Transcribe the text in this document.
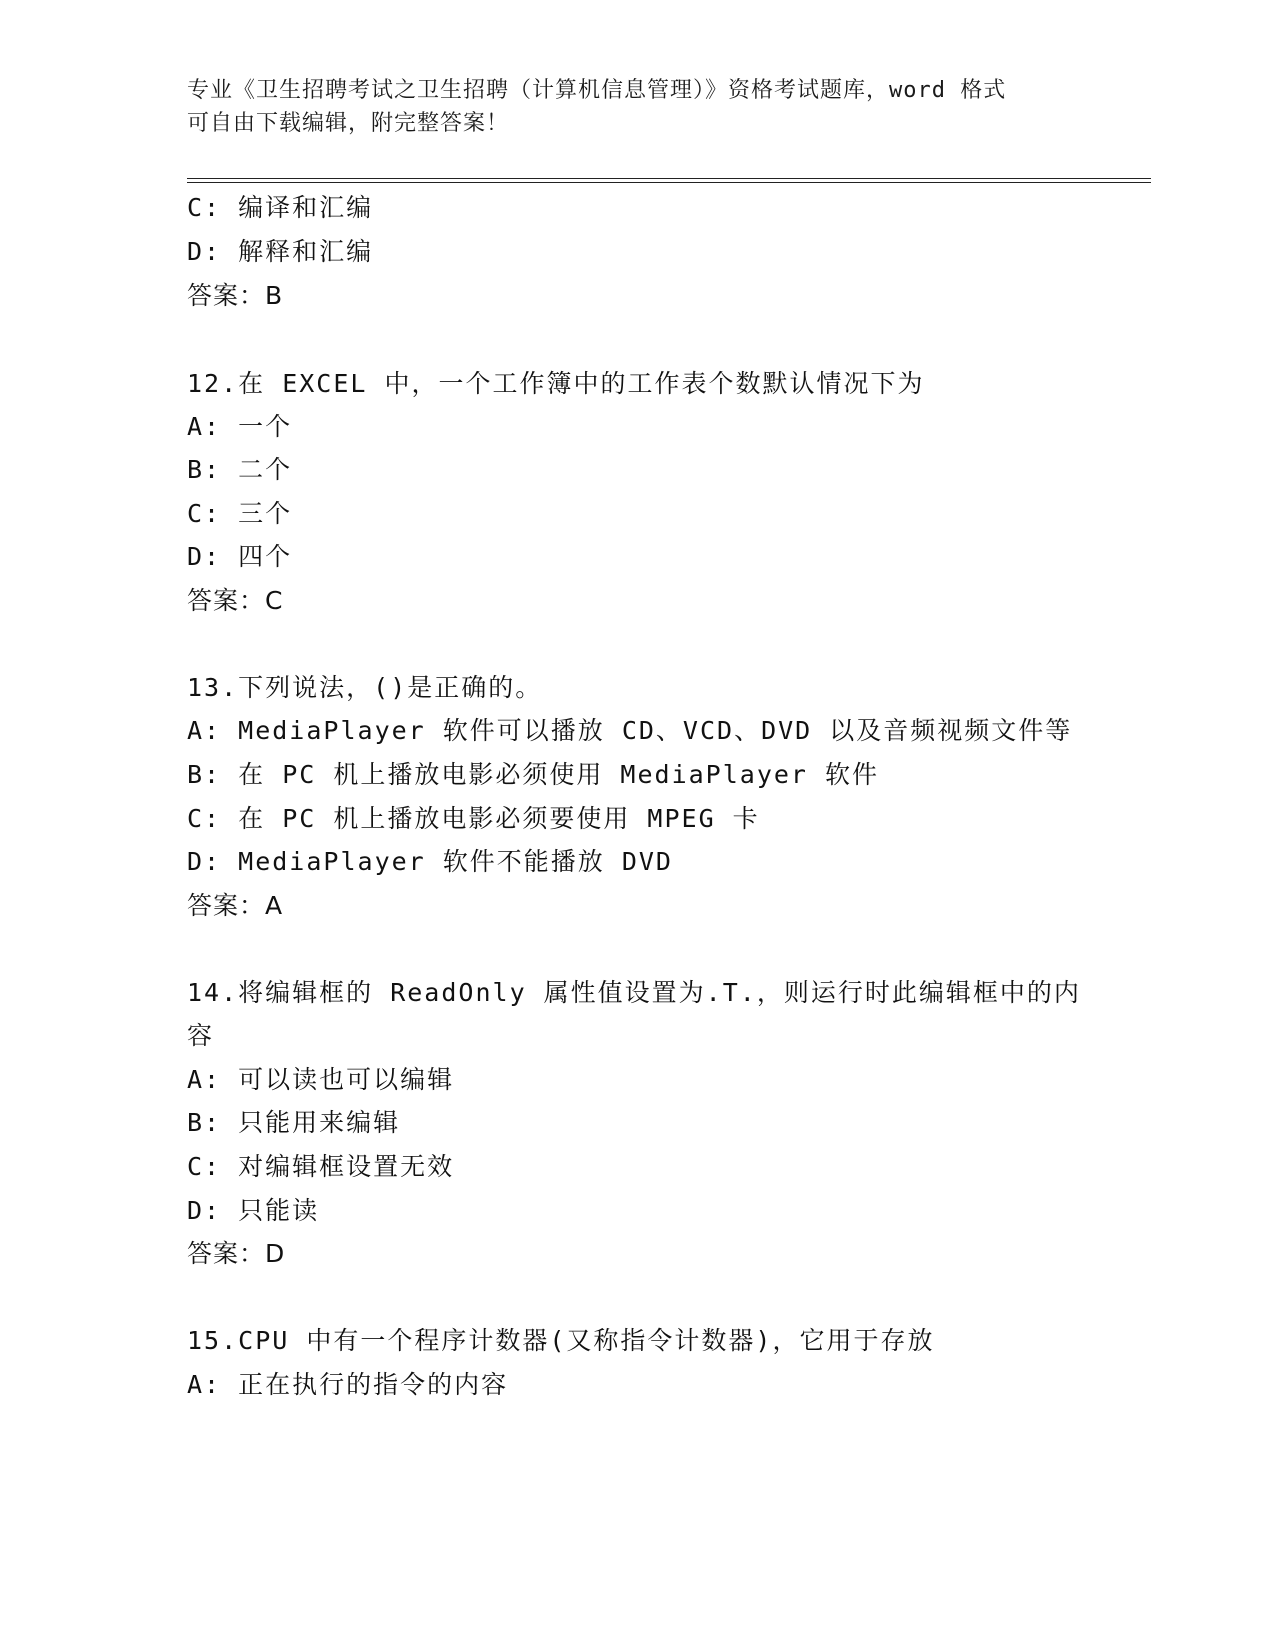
专业《卫生招聘考试之卫生招聘（计算机信息管理）》资格考试题库，word 格式
可自由下载编辑，附完整答案！
C: 编译和汇编
D: 解释和汇编
答案：B
12.在 EXCEL 中，一个工作簿中的工作表个数默认情况下为
A: 一个
B: 二个
C: 三个
D: 四个
答案：C
13.下列说法，()是正确的。
A: MediaPlayer 软件可以播放 CD、VCD、DVD 以及音频视频文件等
B: 在 PC 机上播放电影必须使用 MediaPlayer 软件
C: 在 PC 机上播放电影必须要使用 MPEG 卡
D: MediaPlayer 软件不能播放 DVD
答案：A
14.将编辑框的 ReadOnly 属性值设置为.T.，则运行时此编辑框中的内
容
A: 可以读也可以编辑
B: 只能用来编辑
C: 对编辑框设置无效
D: 只能读
答案：D
15.CPU 中有一个程序计数器(又称指令计数器)，它用于存放
A: 正在执行的指令的内容
